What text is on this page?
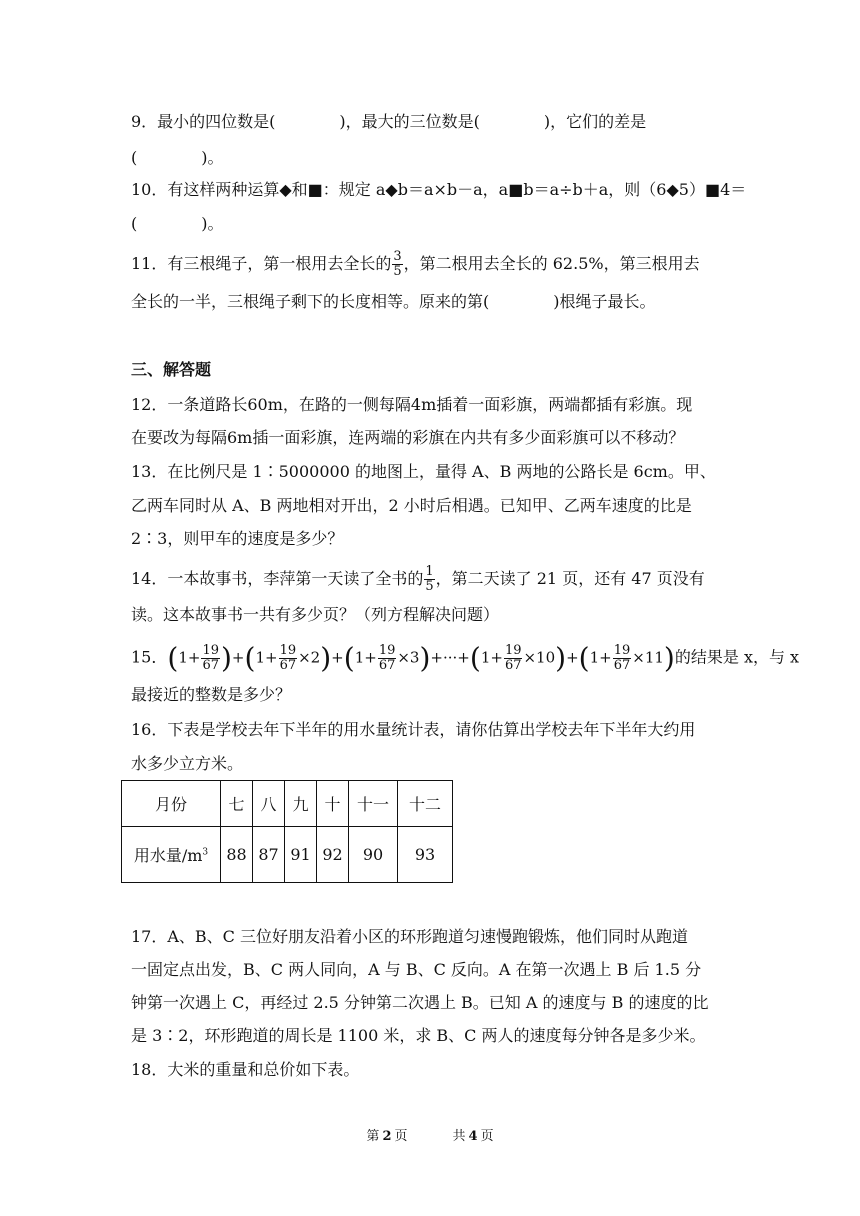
9．最小的四位数是(　　　　)，最大的三位数是(　　　　)，它们的差是
(　　　　)。
10．有这样两种运算◆和■：规定 a◆b＝a×b－a，a■b＝a÷b＋a，则（6◆5）■4＝
(　　　　)。
11．有三根绳子，第一根用去全长的 $\frac{3}{5}$ ，第二根用去全长的 62.5%，第三根用去
全长的一半，三根绳子剩下的长度相等。原来的第(　　　　)根绳子最长。
三、解答题
12．一条道路长60m，在路的一侧每隔4m插着一面彩旗，两端都插有彩旗。现
在要改为每隔6m插一面彩旗，连两端的彩旗在内共有多少面彩旗可以不移动？
13．在比例尺是 1∶5000000 的地图上，量得 A、B 两地的公路长是 6cm。甲、
乙两车同时从 A、B 两地相对开出，2 小时后相遇。已知甲、乙两车速度的比是
2∶3，则甲车的速度是多少？
14．一本故事书，李萍第一天读了全书的 $\frac{1}{5}$ ，第二天读了 21 页，还有 47 页没有
读。这本故事书一共有多少页？（列方程解决问题）
15．$(1+ \frac{19}{67} )+(1+ \frac{19}{67} \times 2)+(1+ \frac{19}{67} \times 3)+\cdot\cdot\cdot+(1+ \frac{19}{67} \times 10)+(1+ \frac{19}{67} \times 11)$的结果是 x，与 x
最接近的整数是多少？
16．下表是学校去年下半年的用水量统计表，请你估算出学校去年下半年大约用
水多少立方米。
月份	七	八	九	十	十一	十二
用水量$/m^3$	88	87	91	92	90	93
17．A、B、C 三位好朋友沿着小区的环形跑道匀速慢跑锻炼，他们同时从跑道
一固定点出发，B、C 两人同向，A 与 B、C 反向。A 在第一次遇上 B 后 1.5 分
钟第一次遇上 C，再经过 2.5 分钟第二次遇上 B。已知 A 的速度与 B 的速度的比
是 3∶2，环形跑道的周长是 1100 米，求 B、C 两人的速度每分钟各是多少米。
18．大米的重量和总价如下表。
第 2 页	共 4 页
